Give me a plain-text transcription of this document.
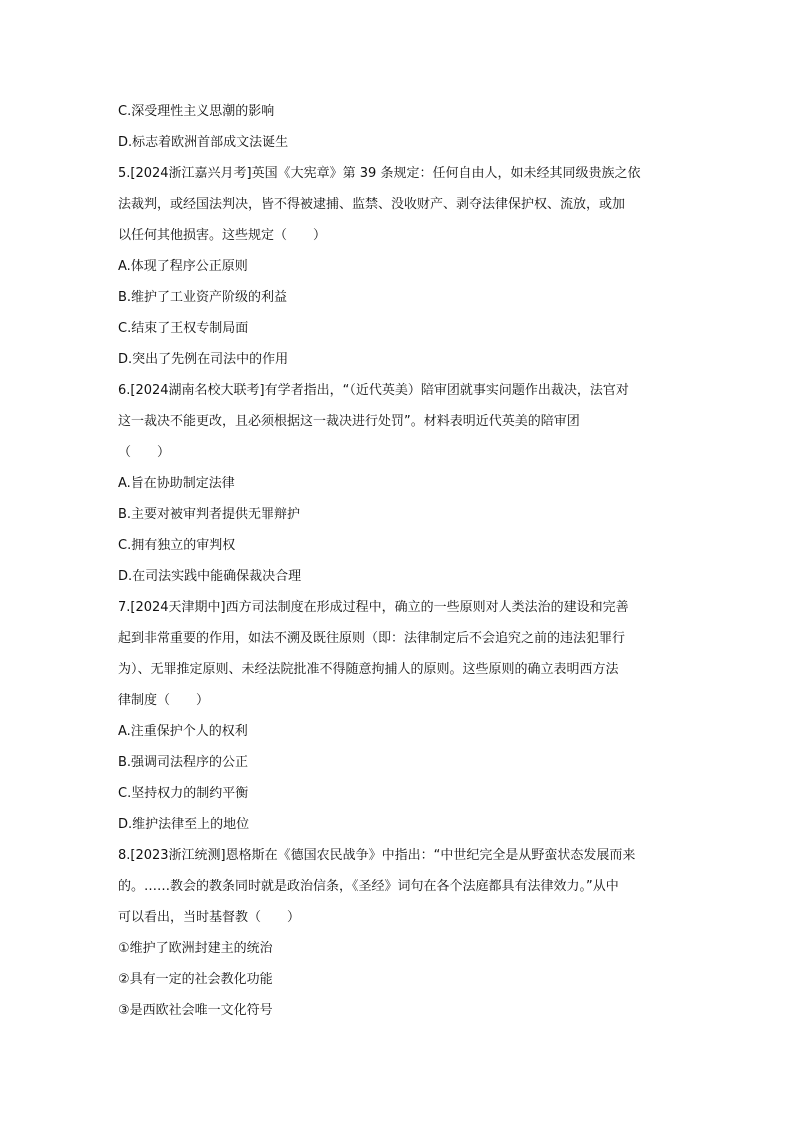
C.深受理性主义思潮的影响
D.标志着欧洲首部成文法诞生
5.[2024浙江嘉兴月考]英国《大宪章》第 39 条规定：任何自由人，如未经其同级贵族之依
法裁判，或经国法判决，皆不得被逮捕、监禁、没收财产、剥夺法律保护权、流放，或加
以任何其他损害。这些规定（　　）
A.体现了程序公正原则
B.维护了工业资产阶级的利益
C.结束了王权专制局面
D.突出了先例在司法中的作用
6.[2024湖南名校大联考]有学者指出，“（近代英美）陪审团就事实问题作出裁决，法官对
这一裁决不能更改，且必须根据这一裁决进行处罚”。材料表明近代英美的陪审团
（　　）
A.旨在协助制定法律
B.主要对被审判者提供无罪辩护
C.拥有独立的审判权
D.在司法实践中能确保裁决合理
7.[2024天津期中]西方司法制度在形成过程中，确立的一些原则对人类法治的建设和完善
起到非常重要的作用，如法不溯及既往原则（即：法律制定后不会追究之前的违法犯罪行
为）、无罪推定原则、未经法院批准不得随意拘捕人的原则。这些原则的确立表明西方法
律制度（　　）
A.注重保护个人的权利
B.强调司法程序的公正
C.坚持权力的制约平衡
D.维护法律至上的地位
8.[2023浙江统测]恩格斯在《德国农民战争》中指出：“中世纪完全是从野蛮状态发展而来
的。……教会的教条同时就是政治信条，《圣经》词句在各个法庭都具有法律效力。”从中
可以看出，当时基督教（　　）
①维护了欧洲封建主的统治
②具有一定的社会教化功能
③是西欧社会唯一文化符号
